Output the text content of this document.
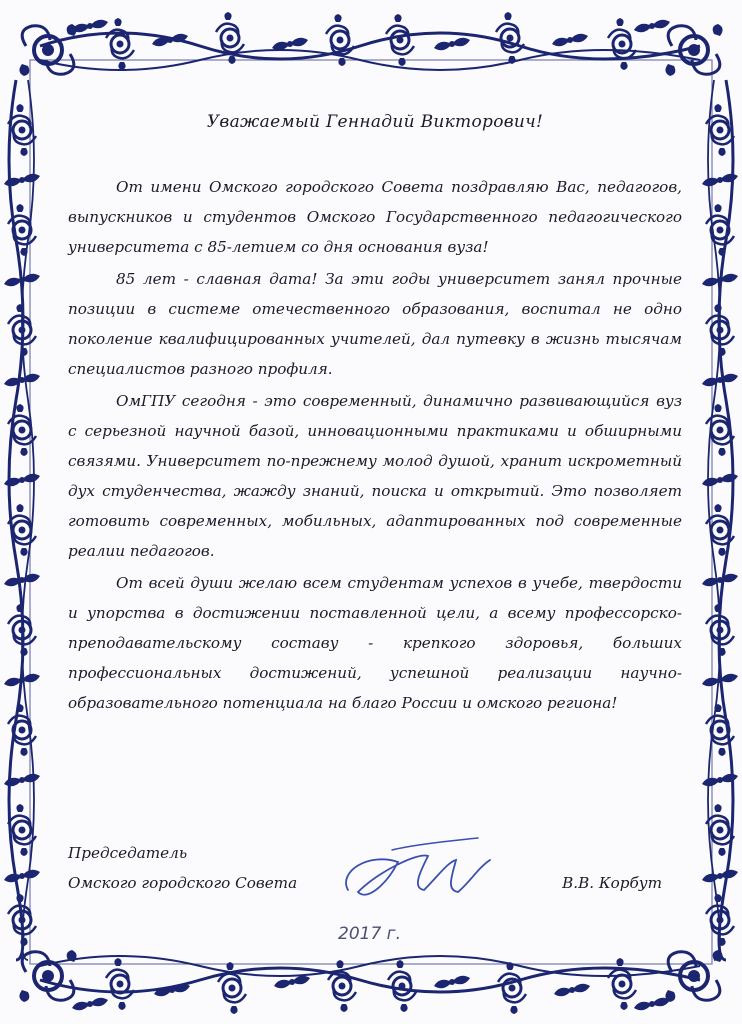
Уважаемый Геннадий Викторович!

От имени Омского городского Совета поздравляю Вас, педагогов, выпускников и студентов Омского Государственного педагогического университета с 85-летием со дня основания вуза!

85 лет - славная дата! За эти годы университет занял прочные позиции в системе отечественного образования, воспитал не одно поколение квалифицированных учителей, дал путевку в жизнь тысячам специалистов разного профиля.

ОмГПУ сегодня - это современный, динамично развивающийся вуз с серьезной научной базой, инновационными практиками и обширными связями. Университет по-прежнему молод душой, хранит искрометный дух студенчества, жажду знаний, поиска и открытий. Это позволяет готовить современных, мобильных, адаптированных под современные реалии педагогов.

От всей души желаю всем студентам успехов в учебе, твердости и упорства в достижении поставленной цели, а всему профессорско-преподавательскому составу - крепкого здоровья, больших профессиональных достижений, успешной реализации научно-образовательного потенциала на благо России и омского региона!

Председатель
Омского городского Совета	В.В. Корбут
2017 г.
